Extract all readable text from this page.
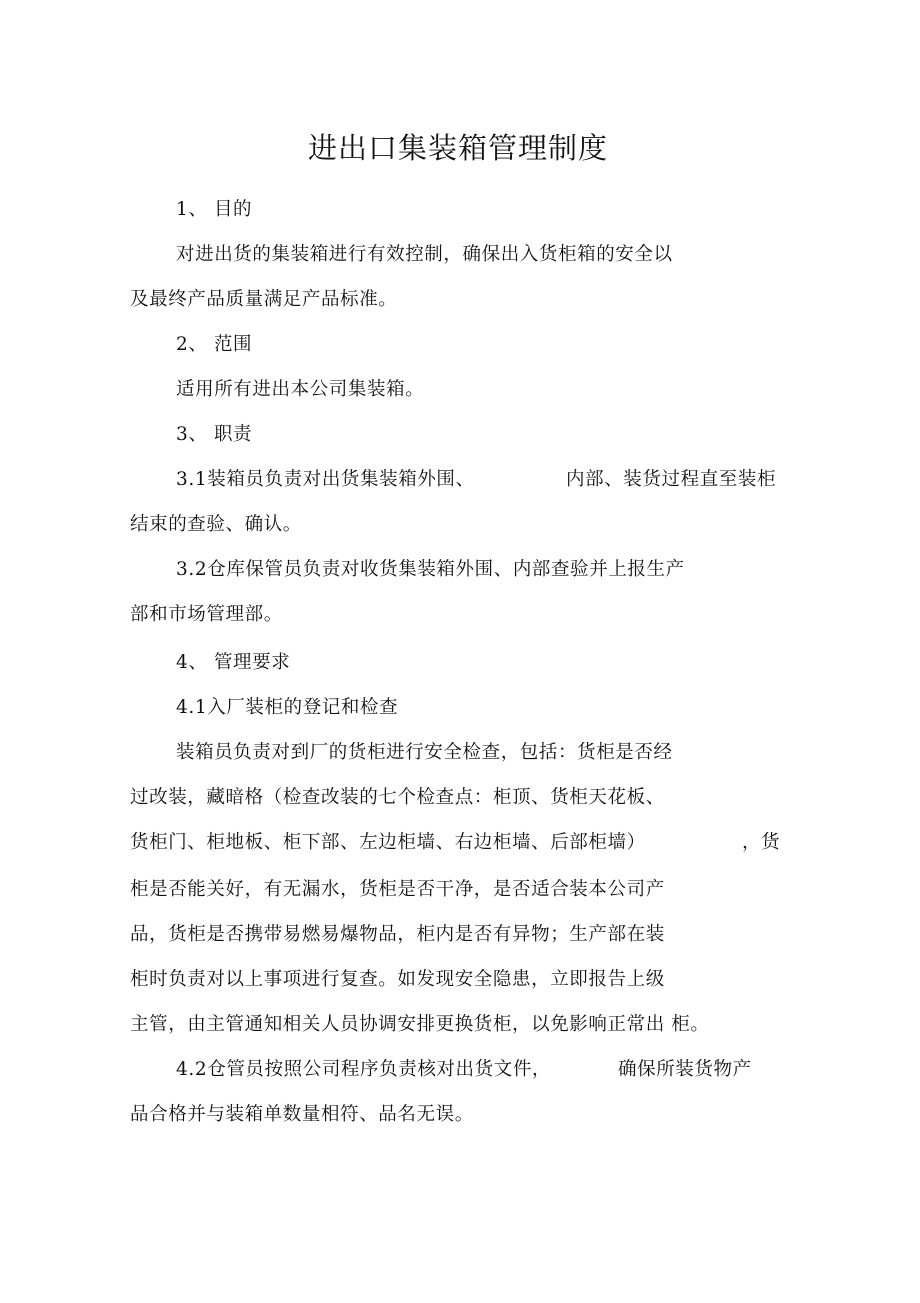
进出口集装箱管理制度
1、 目的
对进出货的集装箱进行有效控制，确保出入货柜箱的安全以
及最终产品质量满足产品标准。
2、 范围
适用所有进出本公司集装箱。
3、 职责
3.1装箱员负责对出货集装箱外围、	内部、装货过程直至装柜
结束的查验、确认。
3.2仓库保管员负责对收货集装箱外围、内部查验并上报生产
部和市场管理部。
4、 管理要求
4.1入厂装柜的登记和检查
装箱员负责对到厂的货柜进行安全检查，包括：货柜是否经
过改装，藏暗格（检查改装的七个检查点：柜顶、货柜天花板、
货柜门、柜地板、柜下部、左边柜墙、右边柜墙、后部柜墙）	，货
柜是否能关好，有无漏水，货柜是否干净，是否适合装本公司产
品，货柜是否携带易燃易爆物品，柜内是否有异物；生产部在装
柜时负责对以上事项进行复查。如发现安全隐患，立即报告上级
主管，由主管通知相关人员协调安排更换货柜，以免影响正常出 柜。
4.2仓管员按照公司程序负责核对出货文件，	确保所装货物产
品合格并与装箱单数量相符、品名无误。
